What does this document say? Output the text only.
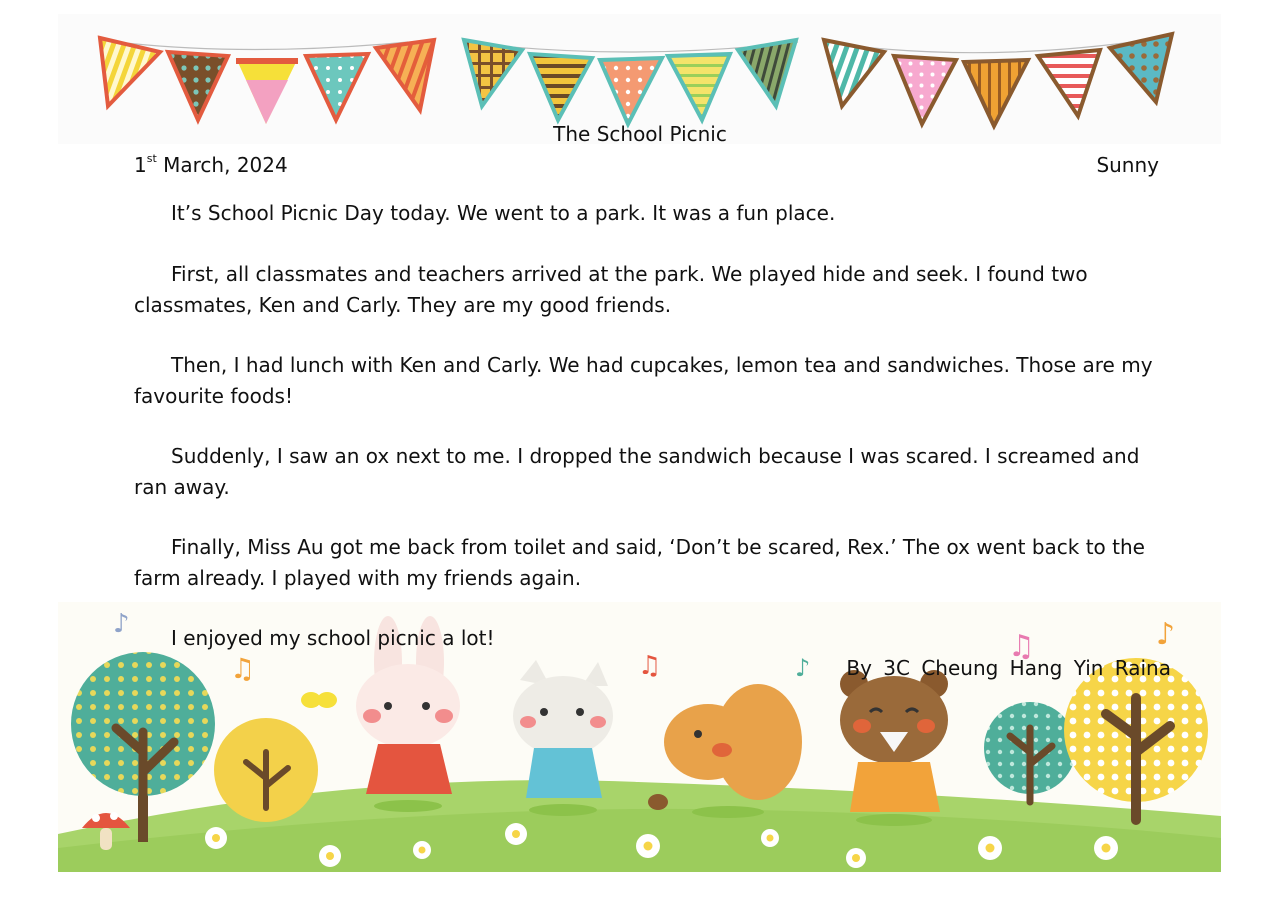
♪
♫	♫	♪
♫	♪
The School Picnic
1st March, 2024	Sunny

It’s School Picnic Day today. We went to a park. It was a fun place.

First, all classmates and teachers arrived at the park. We played hide and seek. I found two classmates, Ken and Carly. They are my good friends.

Then, I had lunch with Ken and Carly. We had cupcakes, lemon tea and sandwiches. Those are my favourite foods!

Suddenly, I saw an ox next to me. I dropped the sandwich because I was scared. I screamed and ran away.

Finally, Miss Au got me back from toilet and said, ‘Don’t be scared, Rex.’ The ox went back to the farm already. I played with my friends again.

I enjoyed my school picnic a lot!

By 3C Cheung Hang Yin Raina
